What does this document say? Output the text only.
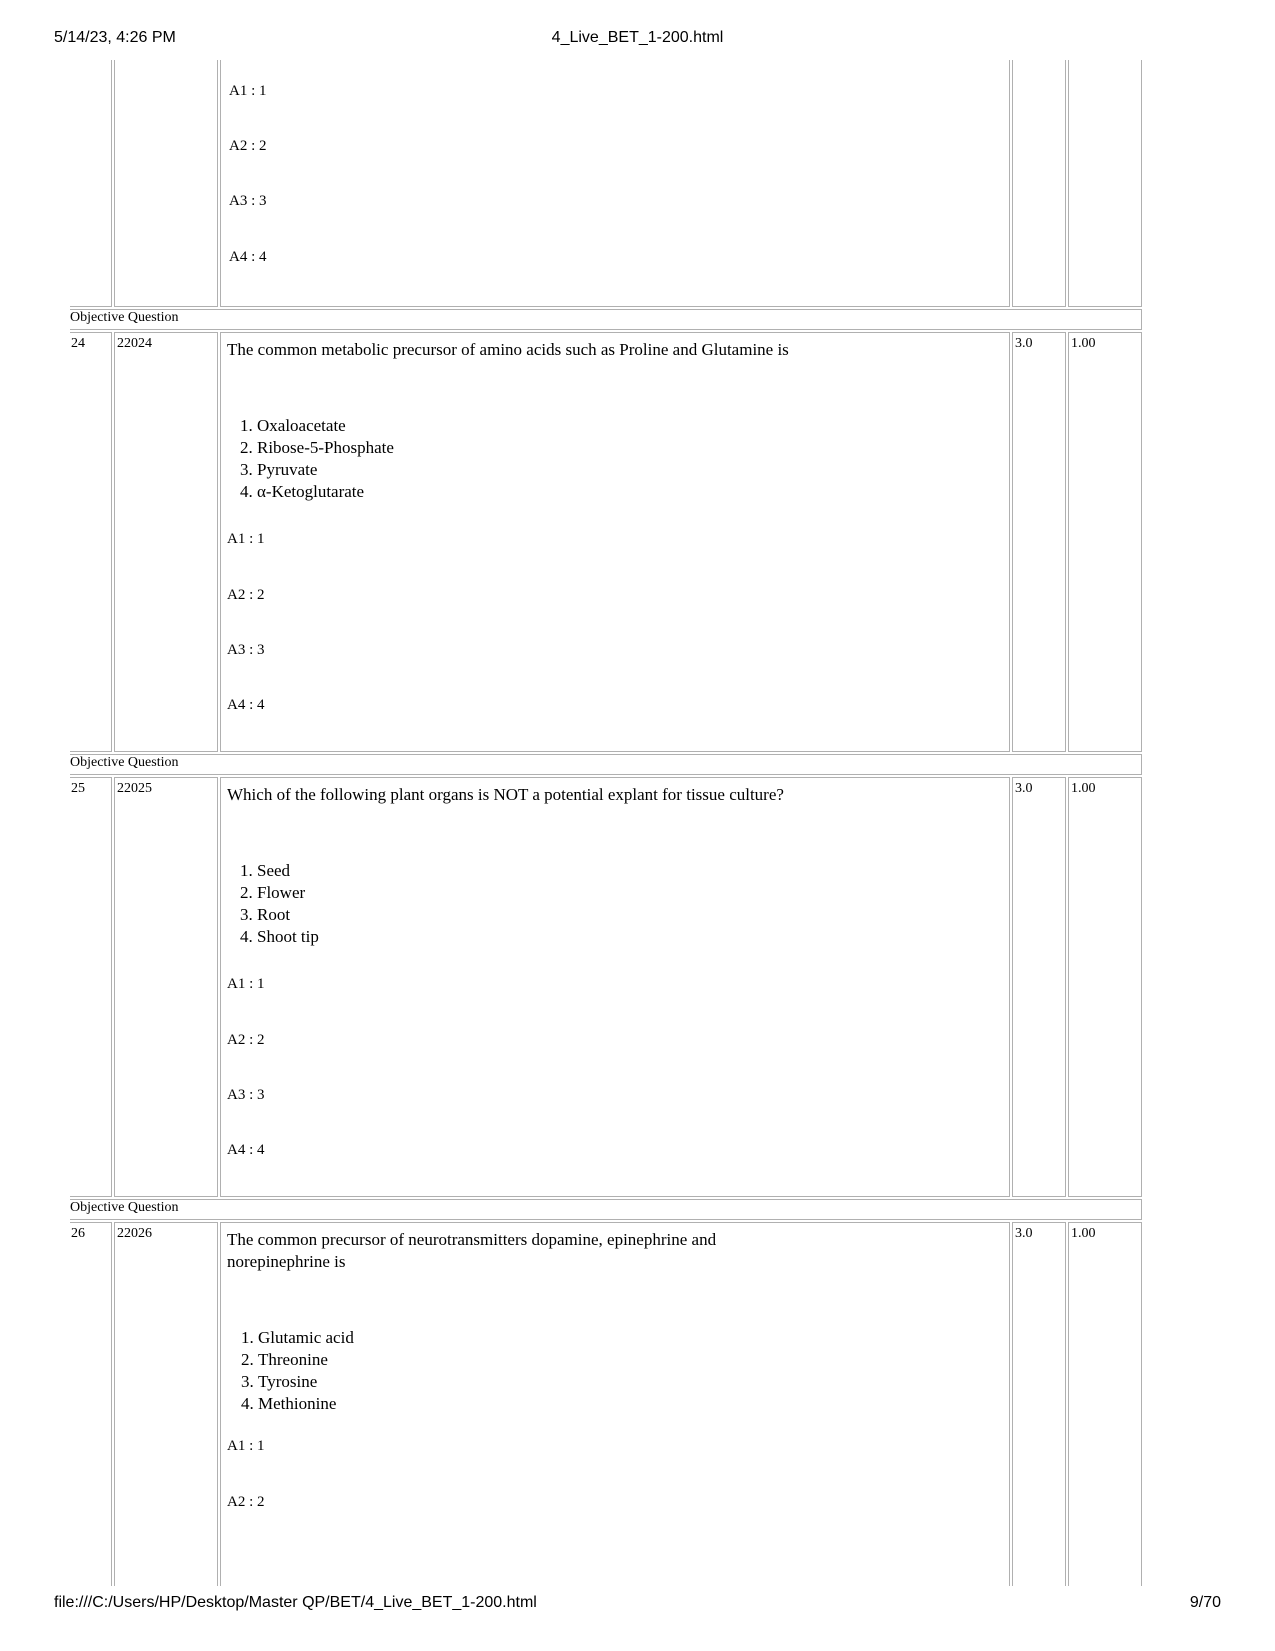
5/14/23, 4:26 PM	4_Live_BET_1-200.html
A1 : 1
A2 : 2
A3 : 3
A4 : 4
Objective Question
24	22024	The common metabolic precursor of amino acids such as Proline and Glutamine is
1. Oxaloacetate
2. Ribose-5-Phosphate
3. Pyruvate
4. α-Ketoglutarate
A1 : 1
A2 : 2
A3 : 3
A4 : 4
3.0	1.00
Objective Question
25	22025	Which of the following plant organs is NOT a potential explant for tissue culture?
1. Seed
2. Flower
3. Root
4. Shoot tip
A1 : 1
A2 : 2
A3 : 3
A4 : 4
3.0	1.00
Objective Question
26	22026	The common precursor of neurotransmitters dopamine, epinephrine and
norepinephrine is
1. Glutamic acid
2. Threonine
3. Tyrosine
4. Methionine
A1 : 1
A2 : 2
3.0	1.00
file:///C:/Users/HP/Desktop/Master QP/BET/4_Live_BET_1-200.html	9/70
